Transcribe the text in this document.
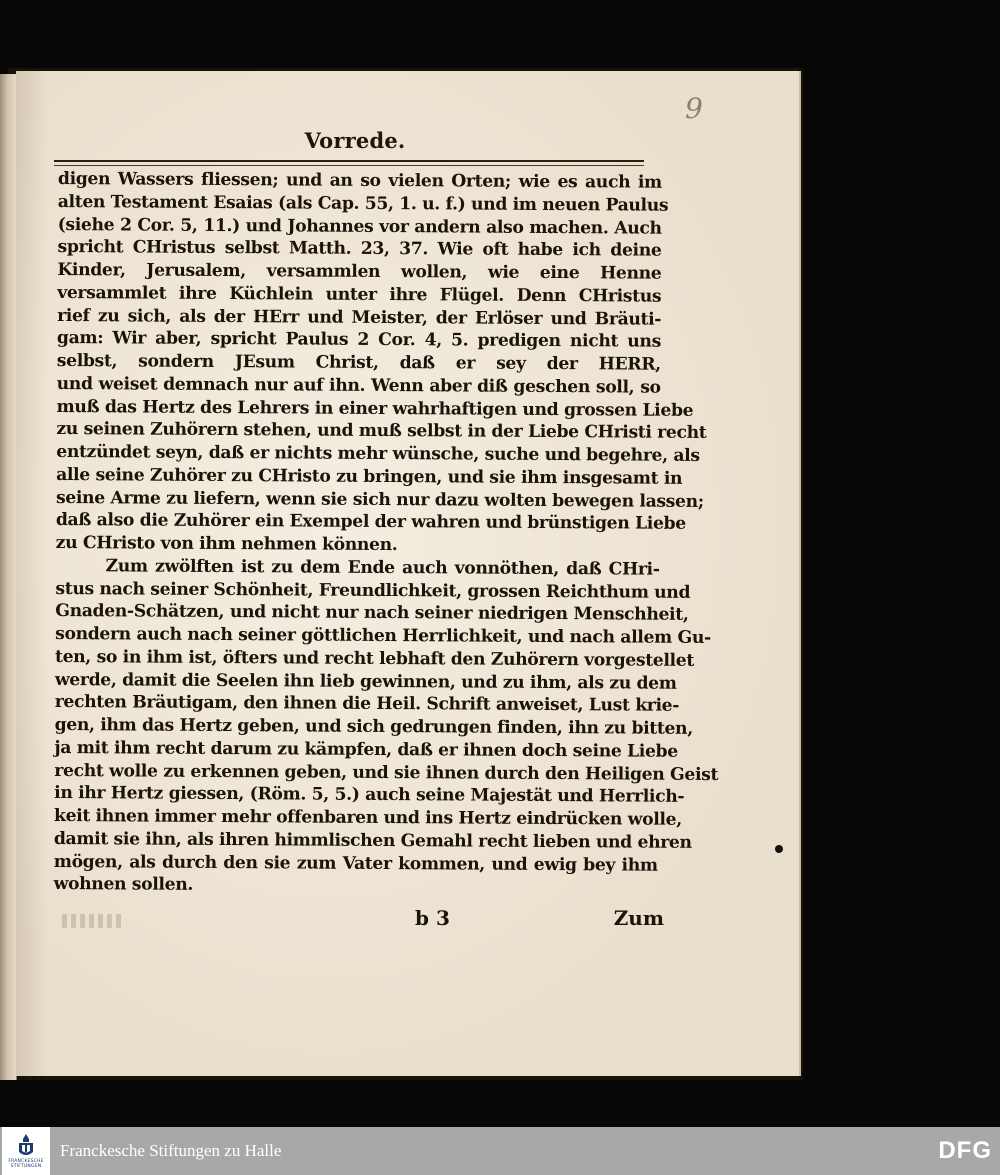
9
Vorrede.
digen Wassers fliessen; und an so vielen Orten; wie es auch im
alten Testament Esaias (als Cap. 55, 1. u. f.) und im neuen Paulus
(siehe 2 Cor. 5, 11.) und Johannes vor andern also machen. Auch
spricht CHristus selbst Matth. 23, 37. Wie oft habe ich deine
Kinder, Jerusalem, versammlen wollen, wie eine Henne
versammlet ihre Küchlein unter ihre Flügel. Denn CHristus
rief zu sich, als der HErr und Meister, der Erlöser und Bräuti-
gam: Wir aber, spricht Paulus 2 Cor. 4, 5. predigen nicht uns
selbst, sondern JEsum Christ, daß er sey der HERR,
und weiset demnach nur auf ihn. Wenn aber diß geschen soll, so
muß das Hertz des Lehrers in einer wahrhaftigen und grossen Liebe
zu seinen Zuhörern stehen, und muß selbst in der Liebe CHristi recht
entzündet seyn, daß er nichts mehr wünsche, suche und begehre, als
alle seine Zuhörer zu CHristo zu bringen, und sie ihm insgesamt in
seine Arme zu liefern, wenn sie sich nur dazu wolten bewegen lassen;
daß also die Zuhörer ein Exempel der wahren und brünstigen Liebe
zu CHristo von ihm nehmen können.
Zum zwölften ist zu dem Ende auch vonnöthen, daß CHri-
stus nach seiner Schönheit, Freundlichkeit, grossen Reichthum und
Gnaden-Schätzen, und nicht nur nach seiner niedrigen Menschheit,
sondern auch nach seiner göttlichen Herrlichkeit, und nach allem Gu-
ten, so in ihm ist, öfters und recht lebhaft den Zuhörern vorgestellet
werde, damit die Seelen ihn lieb gewinnen, und zu ihm, als zu dem
rechten Bräutigam, den ihnen die Heil. Schrift anweiset, Lust krie-
gen, ihm das Hertz geben, und sich gedrungen finden, ihn zu bitten,
ja mit ihm recht darum zu kämpfen, daß er ihnen doch seine Liebe
recht wolle zu erkennen geben, und sie ihnen durch den Heiligen Geist
in ihr Hertz giessen, (Röm. 5, 5.) auch seine Majestät und Herrlich-
keit ihnen immer mehr offenbaren und ins Hertz eindrücken wolle,
damit sie ihn, als ihren himmlischen Gemahl recht lieben und ehren
mögen, als durch den sie zum Vater kommen, und ewig bey ihm
wohnen sollen.
b 3	Zum
FRANCKESCHE
STIFTUNGEN
Franckesche Stiftungen zu Halle	DFG
